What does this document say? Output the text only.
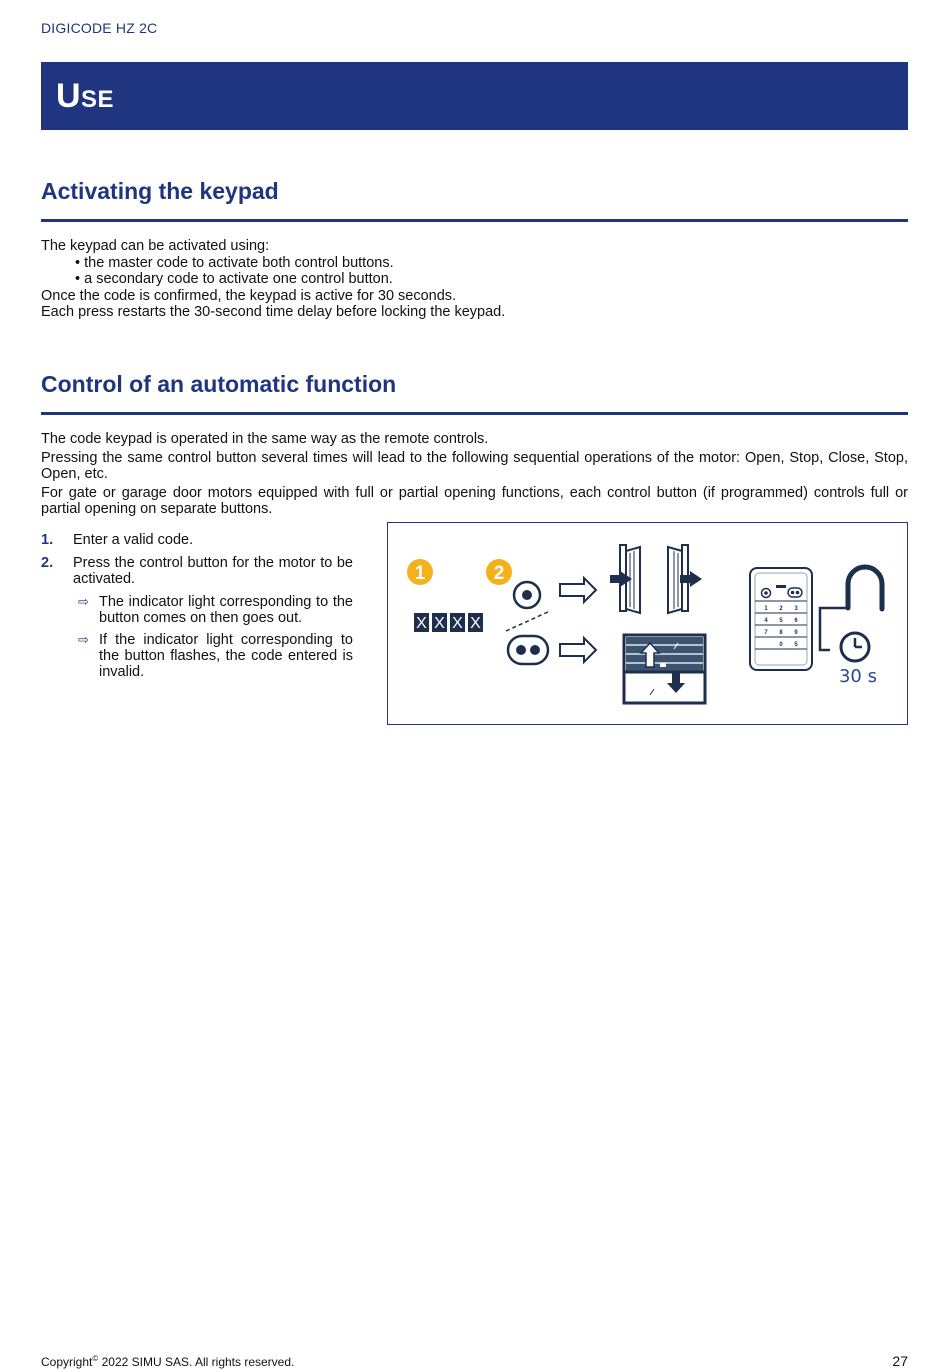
DIGICODE HZ 2C
Use
Activating the keypad

The keypad can be activated using:

• the master code to activate both control buttons.

• a secondary code to activate one control button.

Once the code is confirmed, the keypad is active for 30 seconds.

Each press restarts the 30-second time delay before locking the keypad.

Control of an automatic function

The code keypad is operated in the same way as the remote controls.

Pressing the same control button several times will lead to the following sequential operations of the motor: Open, Stop, Close, Stop, Open, etc.

For gate or garage door motors equipped with full or partial opening functions, each control button (if programmed) controls full or partial opening on separate buttons.

1. Enter a valid code.
2. Press the control button for the motor to be activated.
⇨ The indicator light corresponding to the button comes on then goes out.
⇨ If the indicator light corresponding to the button flashes, the code entered is invalid.
1	2
X X X X
1 2 3
4 5 6
7 8 9
0 5
30 s
Copyright© 2022 SIMU SAS. All rights reserved.	27
